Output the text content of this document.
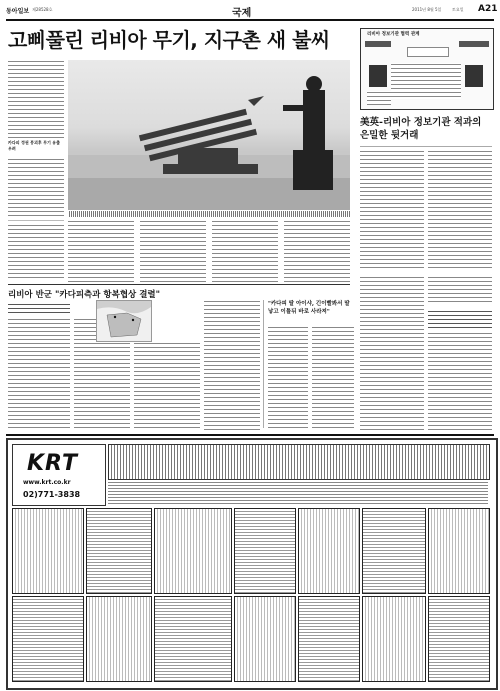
동아일보 제28528호	국제	2011년 8월 5일	토요일 A21
고삐풀린 리비아 무기, 지구촌 새 불씨
카다피 정권 붕괴후 무기 유출 우려
리비아 정보기관 협력 관계
美英-리비아 정보기관 적과의 은밀한 뒷거래
리비아 반군 "카다피측과 항복협상 결렬"
"카다피 딸 아이샤, 긴이빨봐서 딸 낳고 이틀뒤 바로 사라져"
KRT
www.krt.co.kr
02)771-3838
